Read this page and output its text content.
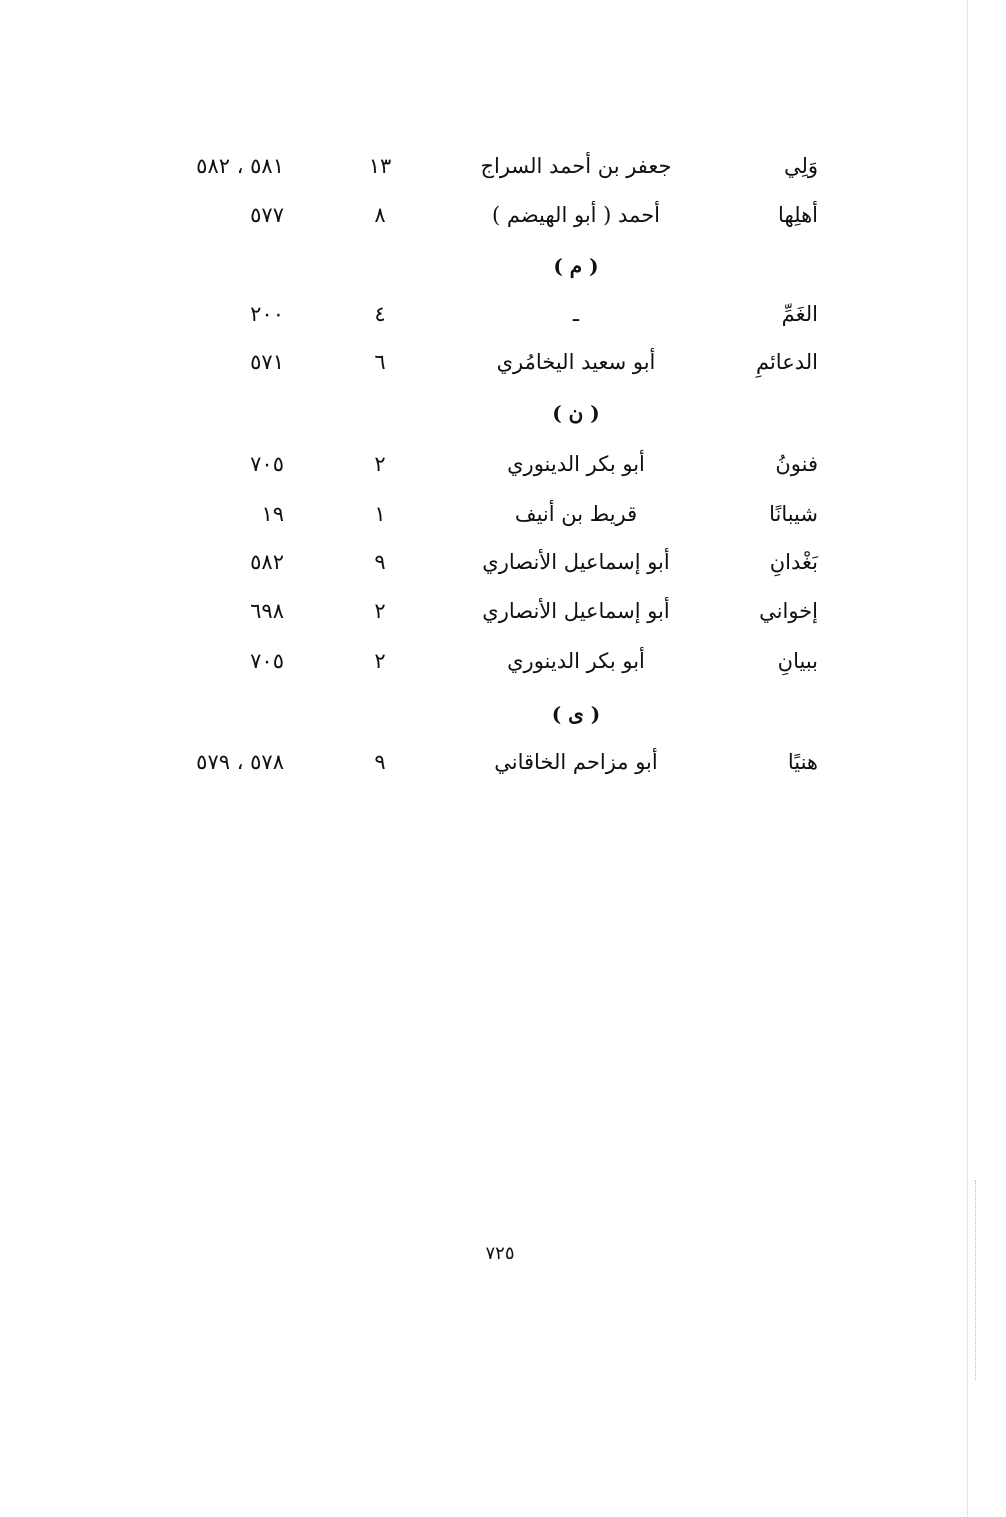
وَلِي
جعفر بن أحمد السراج
١٣
٥٨١ ، ٥٨٢
أهلِها
أحمد ( أبو الهيضم )
٨
٥٧٧
( م )
الغَمِّ
ـ
٤
٢٠٠
الدعائمِ
أبو سعيد اليخامُري
٦
٥٧١
( ن )
فنونُ
أبو بكر الدينوري
٢
٧٠٥
شيبانًا
قريط بن أنيف
١
١٩
بَغْدانِ
أبو إسماعيل الأنصاري
٩
٥٨٢
إخواني
أبو إسماعيل الأنصاري
٢
٦٩٨
ببيانِ
أبو بكر الدينوري
٢
٧٠٥
( ى )
هنيًا
أبو مزاحم الخاقاني
٩
٥٧٨ ، ٥٧٩
٧٢٥
